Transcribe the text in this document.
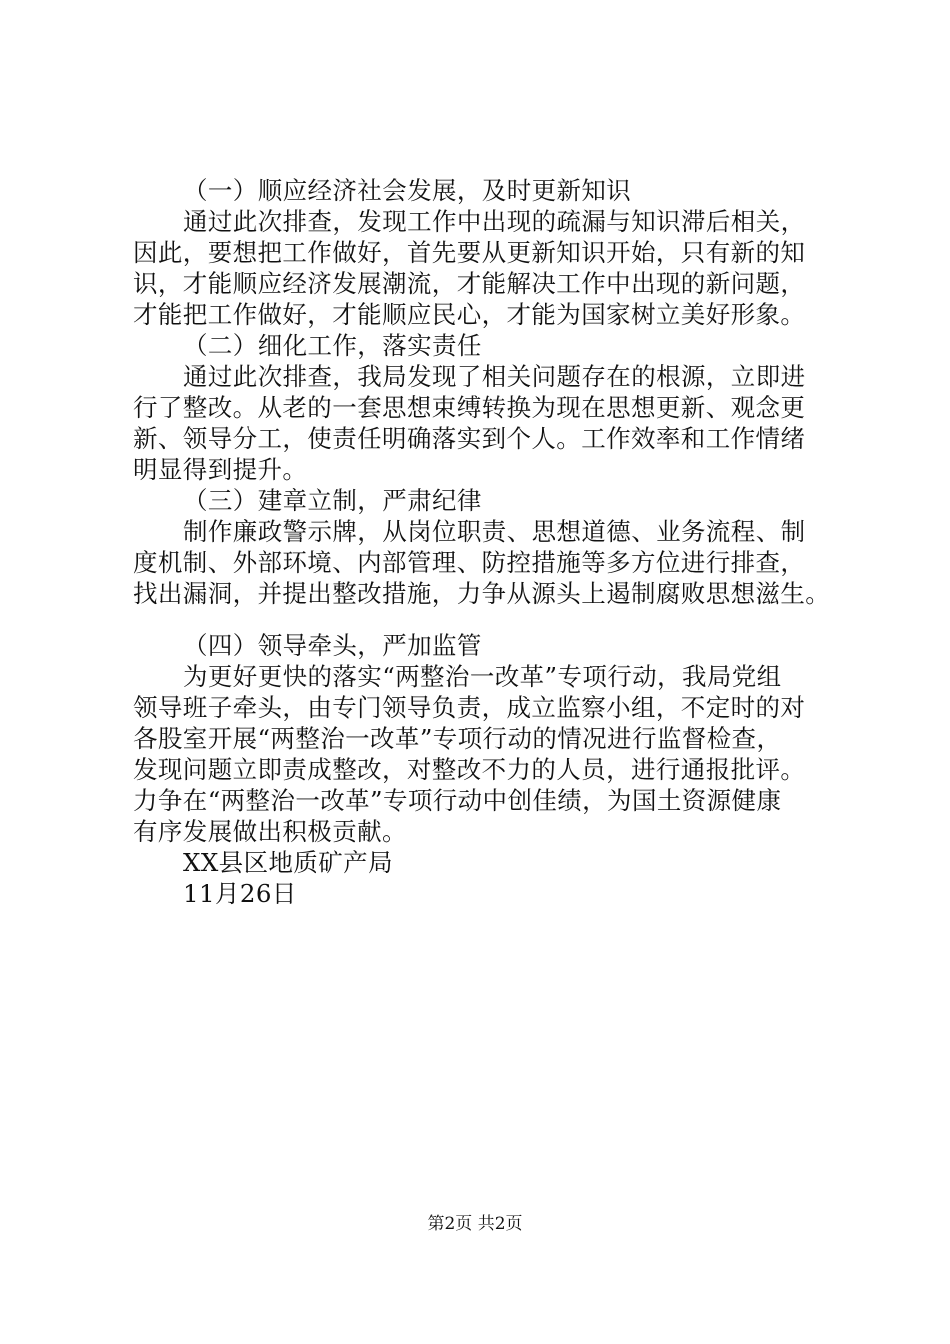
（一）顺应经济社会发展，及时更新知识
通过此次排查，发现工作中出现的疏漏与知识滞后相关，
因此，要想把工作做好，首先要从更新知识开始，只有新的知
识，才能顺应经济发展潮流，才能解决工作中出现的新问题，
才能把工作做好，才能顺应民心，才能为国家树立美好形象。
（二）细化工作，落实责任
通过此次排查，我局发现了相关问题存在的根源，立即进
行了整改。从老的一套思想束缚转换为现在思想更新、观念更
新、领导分工，使责任明确落实到个人。工作效率和工作情绪
明显得到提升。
（三）建章立制，严肃纪律
制作廉政警示牌，从岗位职责、思想道德、业务流程、制
度机制、外部环境、内部管理、防控措施等多方位进行排查，
找出漏洞，并提出整改措施，力争从源头上遏制腐败思想滋生。
（四）领导牵头，严加监管
为更好更快的落实“两整治一改革”专项行动，我局党组
领导班子牵头，由专门领导负责，成立监察小组，不定时的对
各股室开展“两整治一改革”专项行动的情况进行监督检查，
发现问题立即责成整改，对整改不力的人员，进行通报批评。
力争在“两整治一改革”专项行动中创佳绩，为国土资源健康
有序发展做出积极贡献。
XX县区地质矿产局
11月26日
第2页 共2页
